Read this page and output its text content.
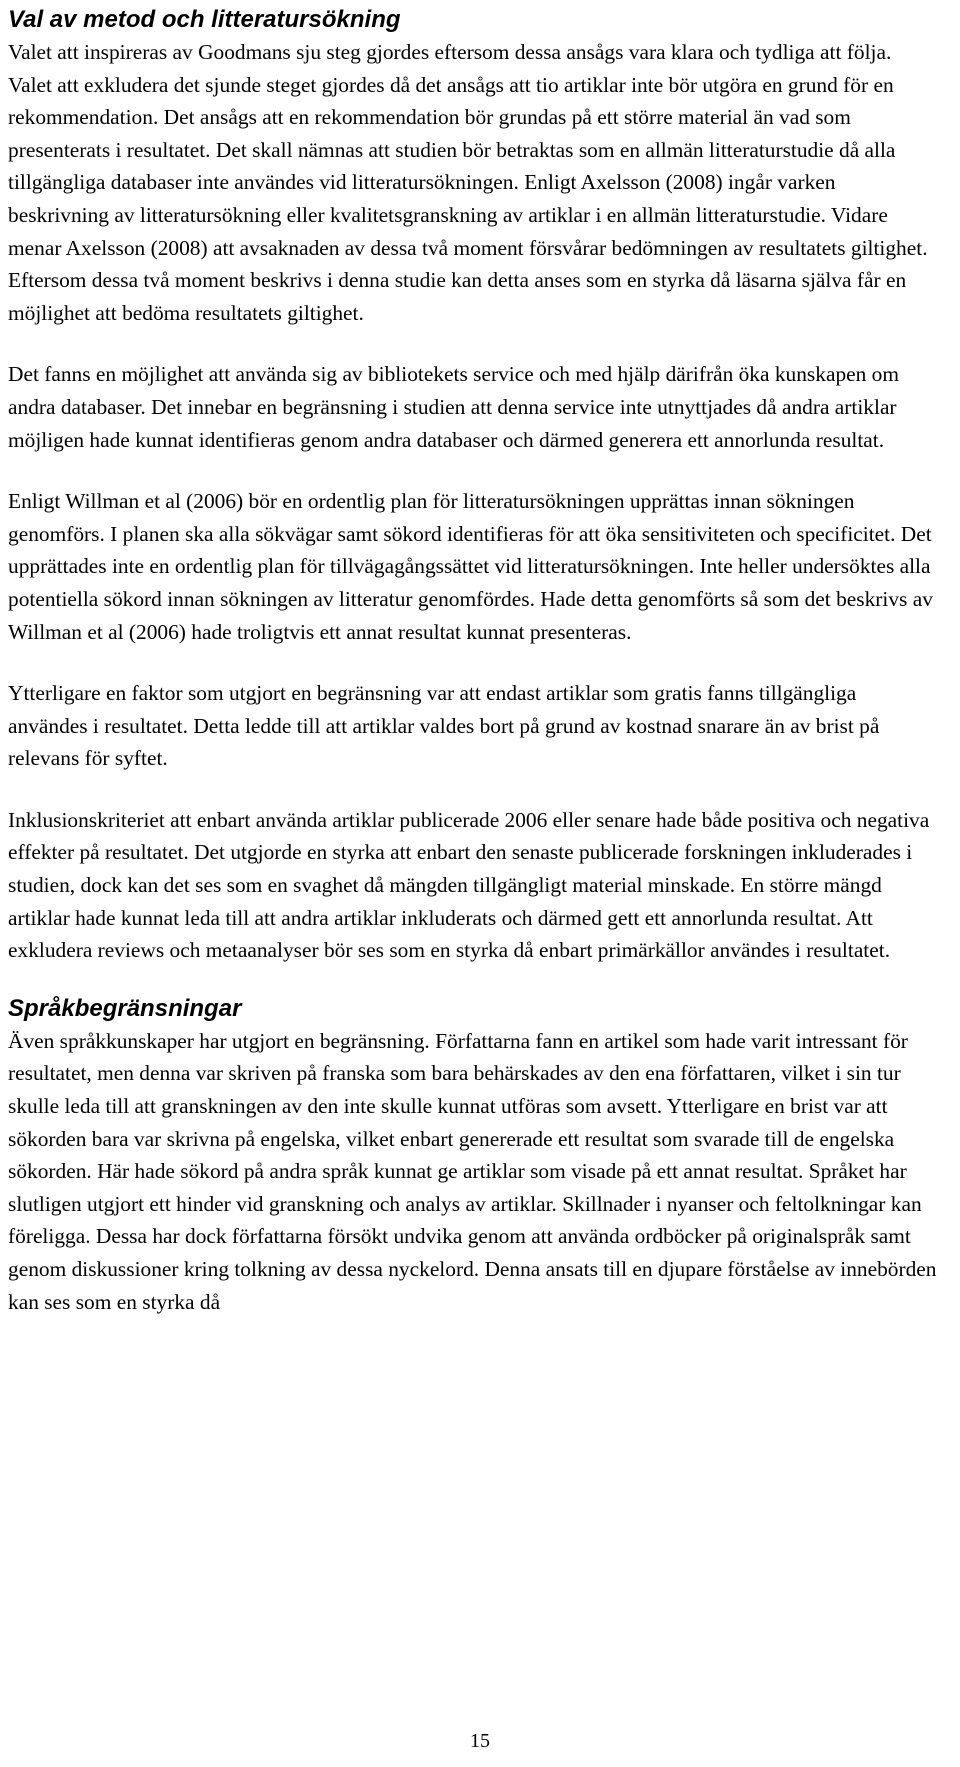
Val av metod och litteratursökning

Valet att inspireras av Goodmans sju steg gjordes eftersom dessa ansågs vara klara och tydliga att följa. Valet att exkludera det sjunde steget gjordes då det ansågs att tio artiklar inte bör utgöra en grund för en rekommendation. Det ansågs att en rekommendation bör grundas på ett större material än vad som presenterats i resultatet. Det skall nämnas att studien bör betraktas som en allmän litteraturstudie då alla tillgängliga databaser inte användes vid litteratursökningen. Enligt Axelsson (2008) ingår varken beskrivning av litteratursökning eller kvalitetsgranskning av artiklar i en allmän litteraturstudie. Vidare menar Axelsson (2008) att avsaknaden av dessa två moment försvårar bedömningen av resultatets giltighet. Eftersom dessa två moment beskrivs i denna studie kan detta anses som en styrka då läsarna själva får en möjlighet att bedöma resultatets giltighet.

Det fanns en möjlighet att använda sig av bibliotekets service och med hjälp därifrån öka kunskapen om andra databaser. Det innebar en begränsning i studien att denna service inte utnyttjades då andra artiklar möjligen hade kunnat identifieras genom andra databaser och därmed generera ett annorlunda resultat.

Enligt Willman et al (2006) bör en ordentlig plan för litteratursökningen upprättas innan sökningen genomförs. I planen ska alla sökvägar samt sökord identifieras för att öka sensitiviteten och specificitet. Det upprättades inte en ordentlig plan för tillvägagångssättet vid litteratursökningen. Inte heller undersöktes alla potentiella sökord innan sökningen av litteratur genomfördes. Hade detta genomförts så som det beskrivs av Willman et al (2006) hade troligtvis ett annat resultat kunnat presenteras.

Ytterligare en faktor som utgjort en begränsning var att endast artiklar som gratis fanns tillgängliga användes i resultatet. Detta ledde till att artiklar valdes bort på grund av kostnad snarare än av brist på relevans för syftet.

Inklusionskriteriet att enbart använda artiklar publicerade 2006 eller senare hade både positiva och negativa effekter på resultatet. Det utgjorde en styrka att enbart den senaste publicerade forskningen inkluderades i studien, dock kan det ses som en svaghet då mängden tillgängligt material minskade. En större mängd artiklar hade kunnat leda till att andra artiklar inkluderats och därmed gett ett annorlunda resultat. Att exkludera reviews och metaanalyser bör ses som en styrka då enbart primärkällor användes i resultatet.

Språkbegränsningar

Även språkkunskaper har utgjort en begränsning. Författarna fann en artikel som hade varit intressant för resultatet, men denna var skriven på franska som bara behärskades av den ena författaren, vilket i sin tur skulle leda till att granskningen av den inte skulle kunnat utföras som avsett. Ytterligare en brist var att sökorden bara var skrivna på engelska, vilket enbart genererade ett resultat som svarade till de engelska sökorden. Här hade sökord på andra språk kunnat ge artiklar som visade på ett annat resultat. Språket har slutligen utgjort ett hinder vid granskning och analys av artiklar. Skillnader i nyanser och feltolkningar kan föreligga. Dessa har dock författarna försökt undvika genom att använda ordböcker på originalspråk samt genom diskussioner kring tolkning av dessa nyckelord. Denna ansats till en djupare förståelse av innebörden kan ses som en styrka då

15
